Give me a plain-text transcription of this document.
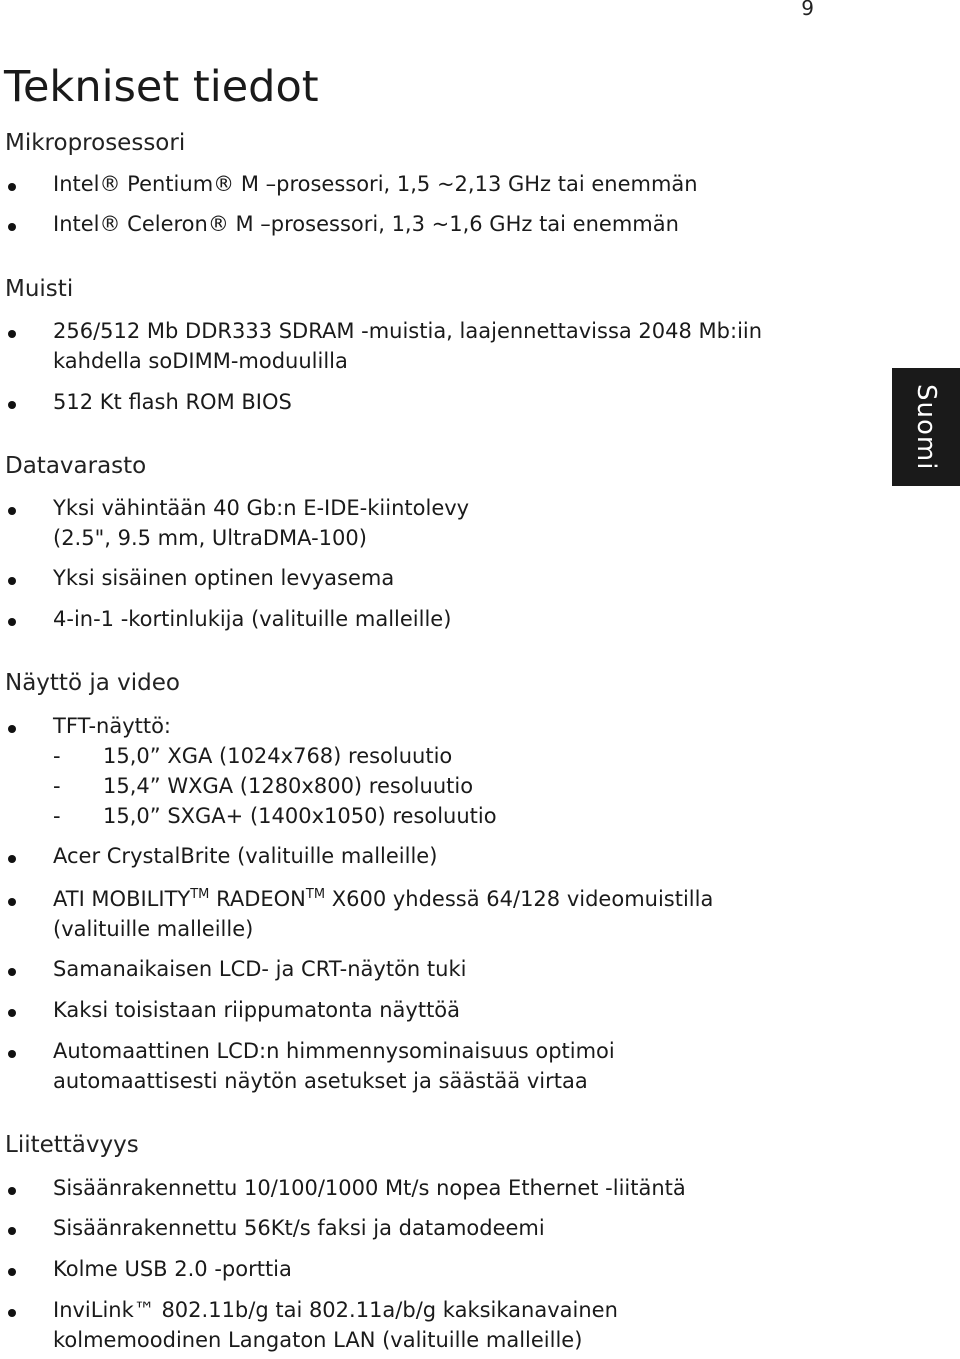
9
Suomi
Tekniset tiedot
Mikroprosessori
Intel® Pentium® M –prosessori, 1,5 ~2,13 GHz tai enemmän
Intel® Celeron® M –prosessori, 1,3 ~1,6 GHz tai enemmän
Muisti
256/512 Mb DDR333 SDRAM -muistia, laajennettavissa 2048 Mb:iin
kahdella soDIMM-moduulilla
512 Kt flash ROM BIOS
Datavarasto
Yksi vähintään 40 Gb:n E-IDE-kiintolevy
(2.5", 9.5 mm, UltraDMA-100)
Yksi sisäinen optinen levyasema
4-in-1 -kortinlukija (valituille malleille)
Näyttö ja video
TFT-näyttö:
- 15,0” XGA (1024x768) resoluutio
- 15,4” WXGA (1280x800) resoluutio
- 15,0” SXGA+ (1400x1050) resoluutio
Acer CrystalBrite (valituille malleille)
ATI MOBILITY™ RADEON™ X600 yhdessä 64/128 videomuistilla
(valituille malleille)
Samanaikaisen LCD- ja CRT-näytön tuki
Kaksi toisistaan riippumatonta näyttöä
Automaattinen LCD:n himmennysominaisuus optimoi
automaattisesti näytön asetukset ja säästää virtaa
Liitettävyys
Sisäänrakennettu 10/100/1000 Mt/s nopea Ethernet -liitäntä
Sisäänrakennettu 56Kt/s faksi ja datamodeemi
Kolme USB 2.0 -porttia
InviLink™ 802.11b/g tai 802.11a/b/g kaksikanavainen
kolmemoodinen Langaton LAN (valituille malleille)
